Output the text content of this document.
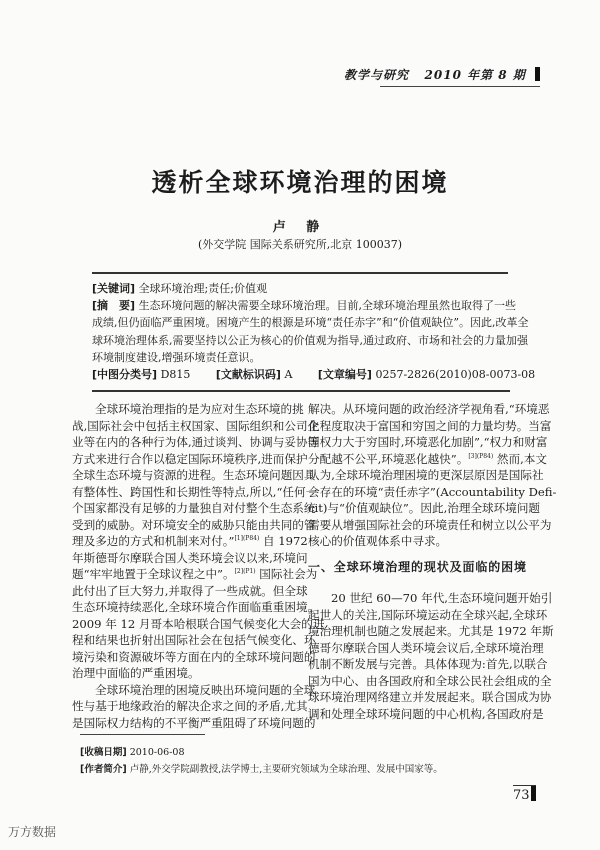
教学与研究 2010 年第 8 期
透析全球环境治理的困境
卢 静
(外交学院 国际关系研究所,北京 100037)
[关键词] 全球环境治理;责任;价值观
[摘　要] 生态环境问题的解决需要全球环境治理。目前,全球环境治理虽然也取得了一些
成绩,但仍面临严重困境。困境产生的根源是环境“责任赤字”和“价值观缺位”。因此,改革全
球环境治理体系,需要坚持以公正为核心的价值观为指导,通过政府、市场和社会的力量加强
环境制度建设,增强环境责任意识。
[中图分类号] D815 [文献标识码] A [文章编号] 0257-2826(2010)08-0073-08
全球环境治理指的是为应对生态环境的挑
战,国际社会中包括主权国家、国际组织和公司企
业等在内的各种行为体,通过谈判、协调与妥协等
方式来进行合作以稳定国际环境秩序,进而保护
全球生态环境与资源的进程。生态环境问题因具
有整体性、跨国性和长期性等特点,所以,“任何一
个国家都没有足够的力量独自对付整个生态系统
受到的威胁。对环境安全的威胁只能由共同的管
理及多边的方式和机制来对付。”$^{[1](P84)}$ 自 1972
年斯德哥尔摩联合国人类环境会议以来,环境问
题“牢牢地置于全球议程之中”。$^{[2](P1)}$ 国际社会为
此付出了巨大努力,并取得了一些成就。但全球
生态环境持续恶化,全球环境合作面临重重困境。
2009 年 12 月哥本哈根联合国气候变化大会的进
程和结果也折射出国际社会在包括气候变化、环
境污染和资源破坏等方面在内的全球环境问题的
治理中面临的严重困境。
全球环境治理的困境反映出环境问题的全球
性与基于地缘政治的解决企求之间的矛盾,尤其
是国际权力结构的不平衡严重阻碍了环境问题的
解决。从环境问题的政治经济学视角看,“环境恶
化程度取决于富国和穷国之间的力量均势。当富
国权力大于穷国时,环境恶化加剧”,“权力和财富
分配越不公平,环境恶化越快”。$^{[3](P84)}$ 然而,本文
认为,全球环境治理困境的更深层原因是国际社
会存在的环境“责任赤字”(Accountability Defi-
cit)与“价值观缺位”。因此,治理全球环境问题
需要从增强国际社会的环境责任和树立以公平为
核心的价值观体系中寻求。
一、全球环境治理的现状及面临的困境
20 世纪 60—70 年代,生态环境问题开始引
起世人的关注,国际环境运动在全球兴起,全球环
境治理机制也随之发展起来。尤其是 1972 年斯
德哥尔摩联合国人类环境会议后,全球环境治理
机制不断发展与完善。具体体现为:首先,以联合
国为中心、由各国政府和全球公民社会组成的全
球环境治理网络建立并发展起来。联合国成为协
调和处理全球环境问题的中心机构,各国政府是
[收稿日期] 2010-06-08
[作者简介] 卢静,外交学院副教授,法学博士,主要研究领域为全球治理、发展中国家等。
73
万方数据
